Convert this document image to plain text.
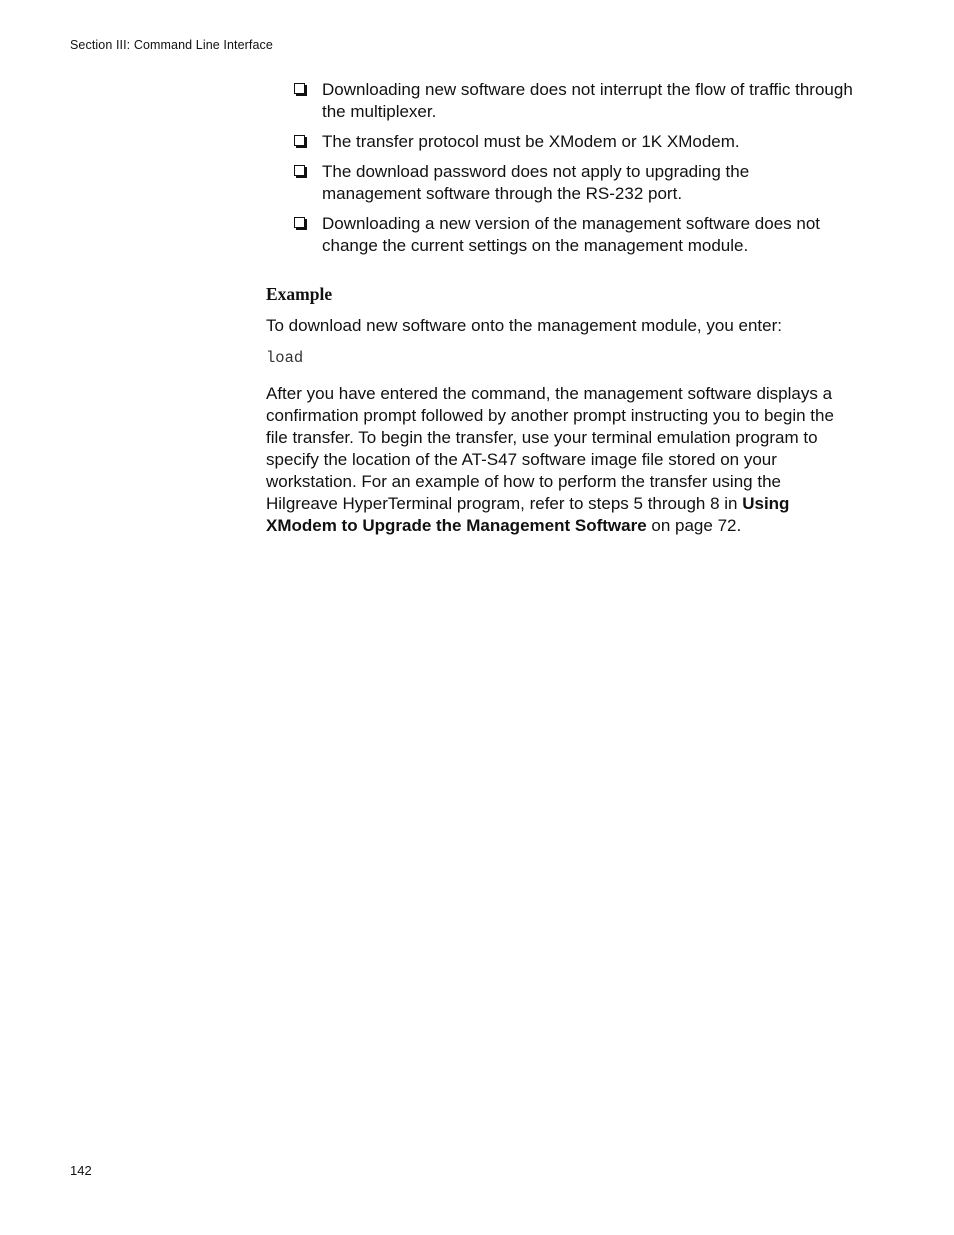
Section III: Command Line Interface
Downloading new software does not interrupt the flow of traffic through the multiplexer.
The transfer protocol must be XModem or 1K XModem.
The download password does not apply to upgrading the management software through the RS-232 port.
Downloading a new version of the management software does not change the current settings on the management module.
Example

To download new software onto the management module, you enter:

load

After you have entered the command, the management software displays a confirmation prompt followed by another prompt instructing you to begin the file transfer. To begin the transfer, use your terminal emulation program to specify the location of the AT-S47 software image file stored on your workstation. For an example of how to perform the transfer using the Hilgreave HyperTerminal program, refer to steps 5 through 8 in Using XModem to Upgrade the Management Software on page 72.

142
